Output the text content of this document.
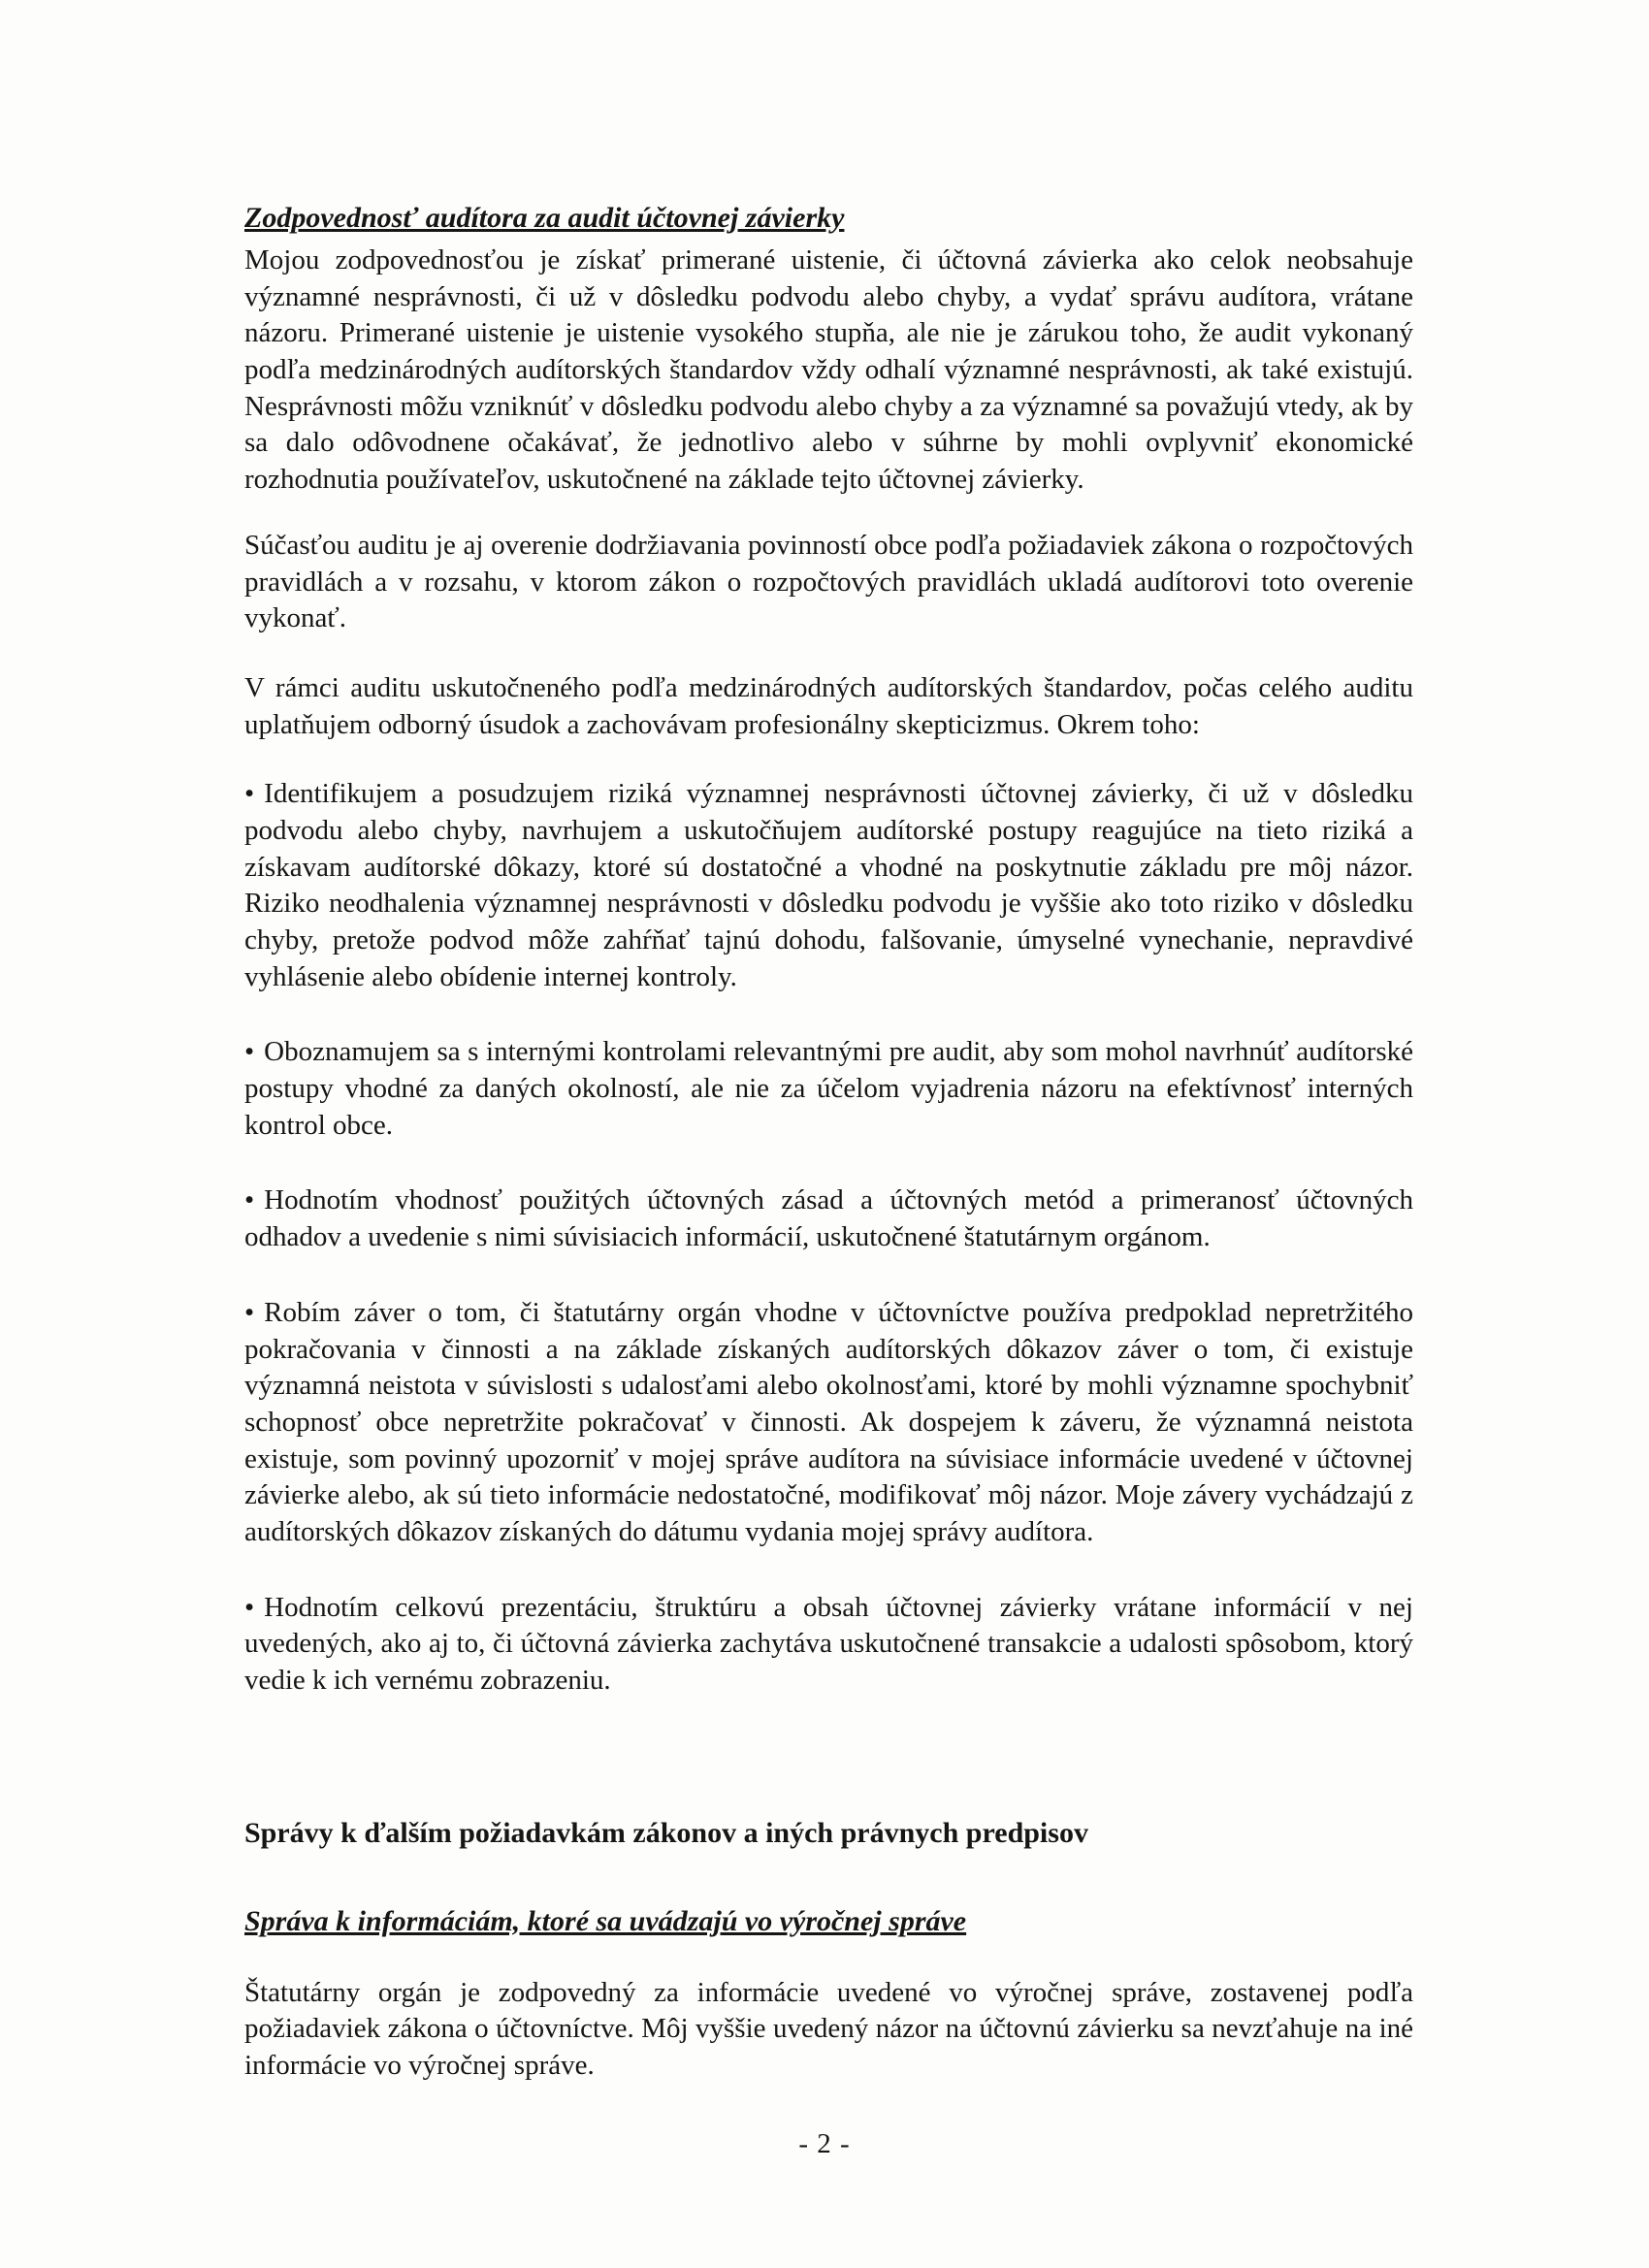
Zodpovednosť audítora za audit účtovnej závierky

Mojou zodpovednosťou je získať primerané uistenie, či účtovná závierka ako celok neobsahuje významné nesprávnosti, či už v dôsledku podvodu alebo chyby, a vydať správu audítora, vrátane názoru. Primerané uistenie je uistenie vysokého stupňa, ale nie je zárukou toho, že audit vykonaný podľa medzinárodných audítorských štandardov vždy odhalí významné nesprávnosti, ak také existujú. Nesprávnosti môžu vzniknúť v dôsledku podvodu alebo chyby a za významné sa považujú vtedy, ak by sa dalo odôvodnene očakávať, že jednotlivo alebo v súhrne by mohli ovplyvniť ekonomické rozhodnutia používateľov, uskutočnené na základe tejto účtovnej závierky.

Súčasťou auditu je aj overenie dodržiavania povinností obce podľa požiadaviek zákona o rozpočtových pravidlách a v rozsahu, v ktorom zákon o rozpočtových pravidlách ukladá audítorovi toto overenie vykonať.

V rámci auditu uskutočneného podľa medzinárodných audítorských štandardov, počas celého auditu uplatňujem odborný úsudok a zachovávam profesionálny skepticizmus. Okrem toho:

• Identifikujem a posudzujem riziká významnej nesprávnosti účtovnej závierky, či už v dôsledku podvodu alebo chyby, navrhujem a uskutočňujem audítorské postupy reagujúce na tieto riziká a získavam audítorské dôkazy, ktoré sú dostatočné a vhodné na poskytnutie základu pre môj názor. Riziko neodhalenia významnej nesprávnosti v dôsledku podvodu je vyššie ako toto riziko v dôsledku chyby, pretože podvod môže zahŕňať tajnú dohodu, falšovanie, úmyselné vynechanie, nepravdivé vyhlásenie alebo obídenie internej kontroly.

• Oboznamujem sa s internými kontrolami relevantnými pre audit, aby som mohol navrhnúť audítorské postupy vhodné za daných okolností, ale nie za účelom vyjadrenia názoru na efektívnosť interných kontrol obce.

• Hodnotím vhodnosť použitých účtovných zásad a účtovných metód a primeranosť účtovných odhadov a uvedenie s nimi súvisiacich informácií, uskutočnené štatutárnym orgánom.

• Robím záver o tom, či štatutárny orgán vhodne v účtovníctve používa predpoklad nepretržitého pokračovania v činnosti a na základe získaných audítorských dôkazov záver o tom, či existuje významná neistota v súvislosti s udalosťami alebo okolnosťami, ktoré by mohli významne spochybniť schopnosť obce nepretržite pokračovať v činnosti. Ak dospejem k záveru, že významná neistota existuje, som povinný upozorniť v mojej správe audítora na súvisiace informácie uvedené v účtovnej závierke alebo, ak sú tieto informácie nedostatočné, modifikovať môj názor. Moje závery vychádzajú z audítorských dôkazov získaných do dátumu vydania mojej správy audítora.

• Hodnotím celkovú prezentáciu, štruktúru a obsah účtovnej závierky vrátane informácií v nej uvedených, ako aj to, či účtovná závierka zachytáva uskutočnené transakcie a udalosti spôsobom, ktorý vedie k ich vernému zobrazeniu.

Správy k ďalším požiadavkám zákonov a iných právnych predpisov
Správa k informáciám, ktoré sa uvádzajú vo výročnej správe

Štatutárny orgán je zodpovedný za informácie uvedené vo výročnej správe, zostavenej podľa požiadaviek zákona o účtovníctve. Môj vyššie uvedený názor na účtovnú závierku sa nevzťahuje na iné informácie vo výročnej správe.

- 2 -
